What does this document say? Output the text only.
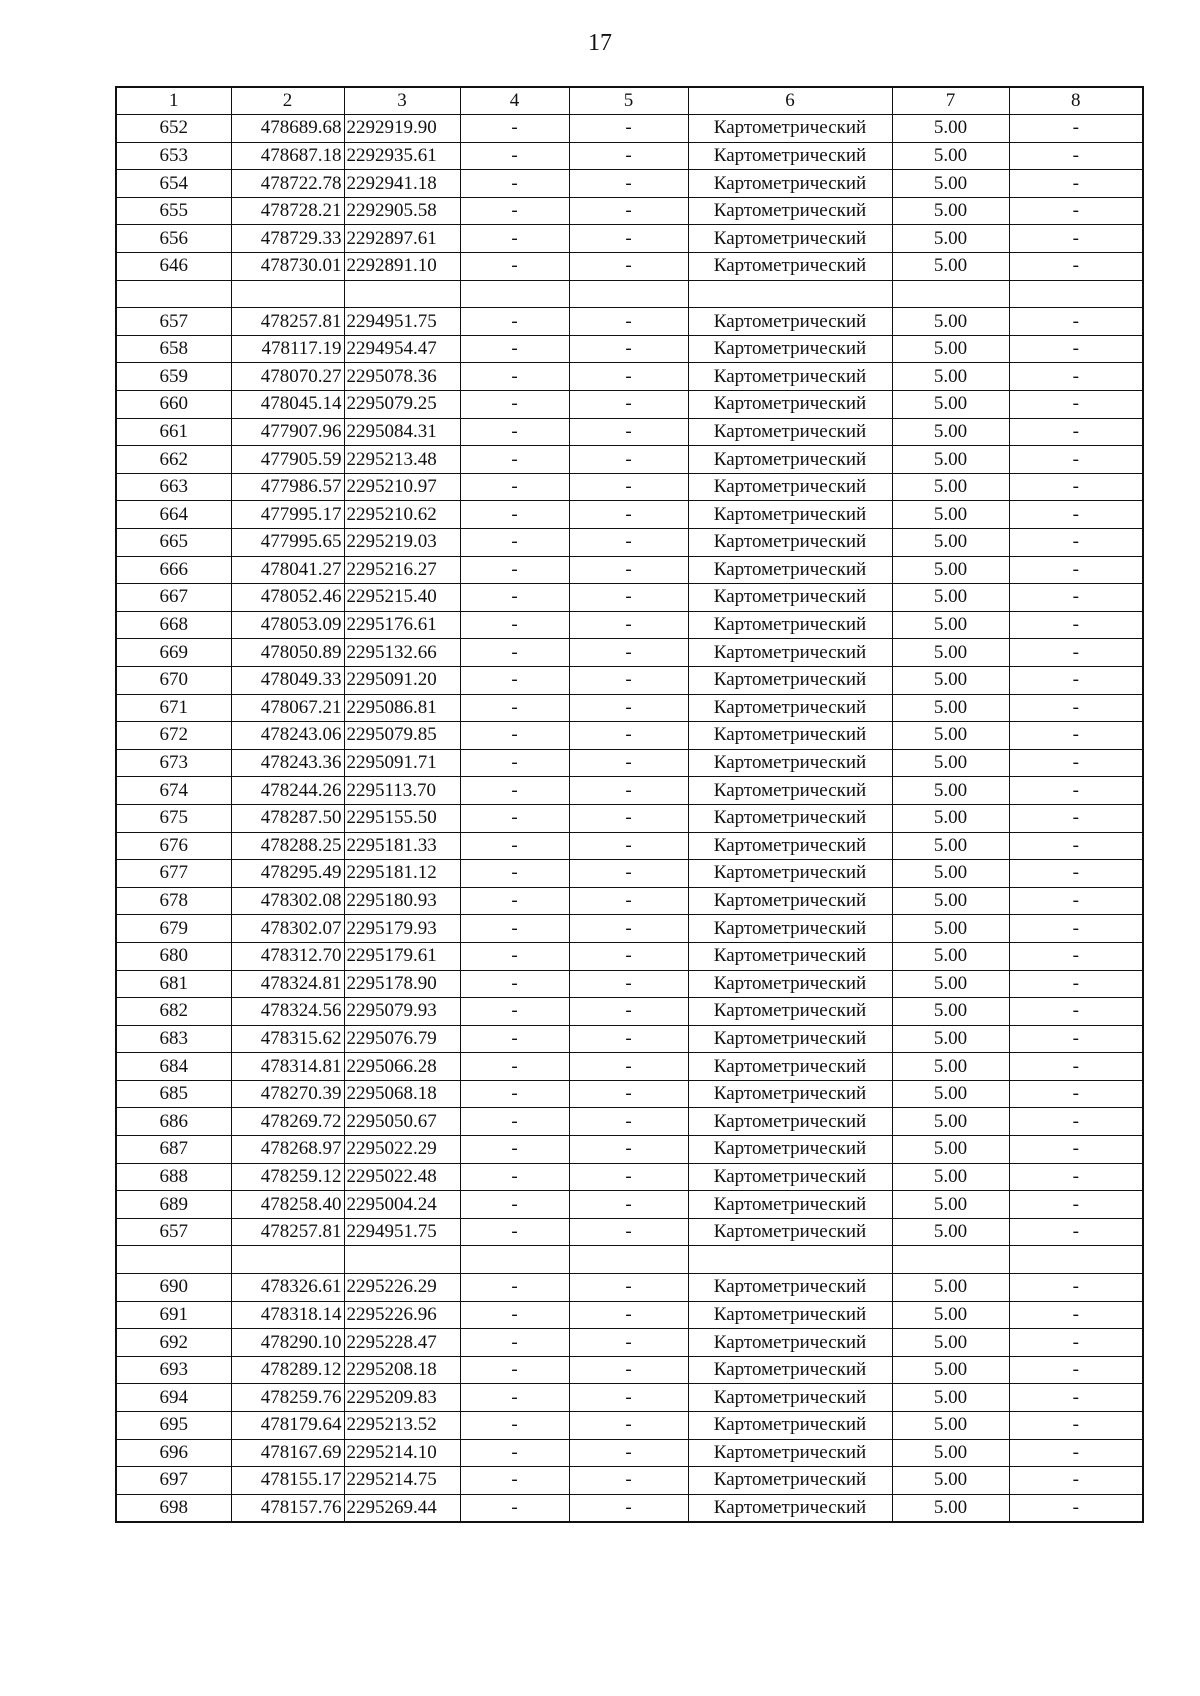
17
1	2	3	4	5	6	7	8
652	478689.68	2292919.90	-	-	Картометрический	5.00	-
653	478687.18	2292935.61	-	-	Картометрический	5.00	-
654	478722.78	2292941.18	-	-	Картометрический	5.00	-
655	478728.21	2292905.58	-	-	Картометрический	5.00	-
656	478729.33	2292897.61	-	-	Картометрический	5.00	-
646	478730.01	2292891.10	-	-	Картометрический	5.00	-

657	478257.81	2294951.75	-	-	Картометрический	5.00	-
658	478117.19	2294954.47	-	-	Картометрический	5.00	-
659	478070.27	2295078.36	-	-	Картометрический	5.00	-
660	478045.14	2295079.25	-	-	Картометрический	5.00	-
661	477907.96	2295084.31	-	-	Картометрический	5.00	-
662	477905.59	2295213.48	-	-	Картометрический	5.00	-
663	477986.57	2295210.97	-	-	Картометрический	5.00	-
664	477995.17	2295210.62	-	-	Картометрический	5.00	-
665	477995.65	2295219.03	-	-	Картометрический	5.00	-
666	478041.27	2295216.27	-	-	Картометрический	5.00	-
667	478052.46	2295215.40	-	-	Картометрический	5.00	-
668	478053.09	2295176.61	-	-	Картометрический	5.00	-
669	478050.89	2295132.66	-	-	Картометрический	5.00	-
670	478049.33	2295091.20	-	-	Картометрический	5.00	-
671	478067.21	2295086.81	-	-	Картометрический	5.00	-
672	478243.06	2295079.85	-	-	Картометрический	5.00	-
673	478243.36	2295091.71	-	-	Картометрический	5.00	-
674	478244.26	2295113.70	-	-	Картометрический	5.00	-
675	478287.50	2295155.50	-	-	Картометрический	5.00	-
676	478288.25	2295181.33	-	-	Картометрический	5.00	-
677	478295.49	2295181.12	-	-	Картометрический	5.00	-
678	478302.08	2295180.93	-	-	Картометрический	5.00	-
679	478302.07	2295179.93	-	-	Картометрический	5.00	-
680	478312.70	2295179.61	-	-	Картометрический	5.00	-
681	478324.81	2295178.90	-	-	Картометрический	5.00	-
682	478324.56	2295079.93	-	-	Картометрический	5.00	-
683	478315.62	2295076.79	-	-	Картометрический	5.00	-
684	478314.81	2295066.28	-	-	Картометрический	5.00	-
685	478270.39	2295068.18	-	-	Картометрический	5.00	-
686	478269.72	2295050.67	-	-	Картометрический	5.00	-
687	478268.97	2295022.29	-	-	Картометрический	5.00	-
688	478259.12	2295022.48	-	-	Картометрический	5.00	-
689	478258.40	2295004.24	-	-	Картометрический	5.00	-
657	478257.81	2294951.75	-	-	Картометрический	5.00	-

690	478326.61	2295226.29	-	-	Картометрический	5.00	-
691	478318.14	2295226.96	-	-	Картометрический	5.00	-
692	478290.10	2295228.47	-	-	Картометрический	5.00	-
693	478289.12	2295208.18	-	-	Картометрический	5.00	-
694	478259.76	2295209.83	-	-	Картометрический	5.00	-
695	478179.64	2295213.52	-	-	Картометрический	5.00	-
696	478167.69	2295214.10	-	-	Картометрический	5.00	-
697	478155.17	2295214.75	-	-	Картометрический	5.00	-
698	478157.76	2295269.44	-	-	Картометрический	5.00	-
